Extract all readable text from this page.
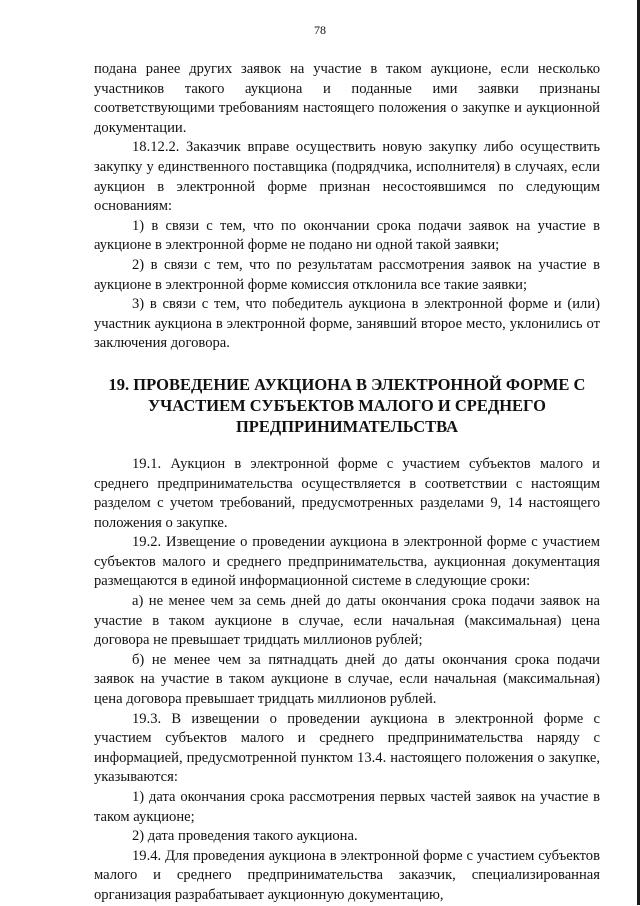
78

подана ранее других заявок на участие в таком аукционе, если несколько участников такого аукциона и поданные ими заявки признаны соответствующими требованиям настоящего положения о закупке и аукционной документации.

18.12.2. Заказчик вправе осуществить новую закупку либо осуществить закупку у единственного поставщика (подрядчика, исполнителя) в случаях, если аукцион в электронной форме признан несостоявшимся по следующим основаниям:

1) в связи с тем, что по окончании срока подачи заявок на участие в аукционе в электронной форме не подано ни одной такой заявки;

2) в связи с тем, что по результатам рассмотрения заявок на участие в аукционе в электронной форме комиссия отклонила все такие заявки;

3) в связи с тем, что победитель аукциона в электронной форме и (или) участник аукциона в электронной форме, занявший второе место, уклонились от заключения договора.

19. ПРОВЕДЕНИЕ АУКЦИОНА В ЭЛЕКТРОННОЙ ФОРМЕ С УЧАСТИЕМ СУБЪЕКТОВ МАЛОГО И СРЕДНЕГО ПРЕДПРИНИМАТЕЛЬСТВА

19.1. Аукцион в электронной форме с участием субъектов малого и среднего предпринимательства осуществляется в соответствии с настоящим разделом с учетом требований, предусмотренных разделами 9, 14 настоящего положения о закупке.

19.2. Извещение о проведении аукциона в электронной форме с участием субъектов малого и среднего предпринимательства, аукционная документация размещаются в единой информационной системе в следующие сроки:

а) не менее чем за семь дней до даты окончания срока подачи заявок на участие в таком аукционе в случае, если начальная (максимальная) цена договора не превышает тридцать миллионов рублей;

б) не менее чем за пятнадцать дней до даты окончания срока подачи заявок на участие в таком аукционе в случае, если начальная (максимальная) цена договора превышает тридцать миллионов рублей.

19.3. В извещении о проведении аукциона в электронной форме с участием субъектов малого и среднего предпринимательства наряду с информацией, предусмотренной пунктом 13.4. настоящего положения о закупке, указываются:

1) дата окончания срока рассмотрения первых частей заявок на участие в таком аукционе;

2) дата проведения такого аукциона.

19.4. Для проведения аукциона в электронной форме с участием субъектов малого и среднего предпринимательства заказчик, специализированная организация разрабатывает аукционную документацию,
